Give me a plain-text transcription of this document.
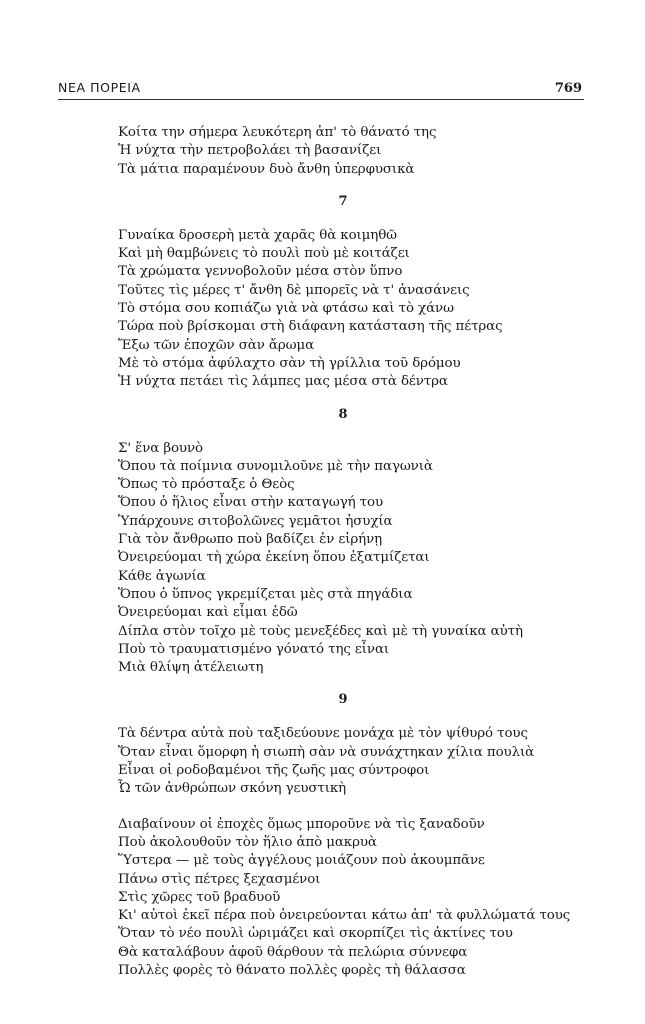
ΝΕΑ ΠΟΡΕΙΑ	769
Κοίτα την σήμερα λευκότερη ἀπ' τὸ θάνατό της
Ἡ νύχτα τὴν πετροβολάει τὴ βασανίζει
Τὰ μάτια παραμένουν δυὸ ἄνθη ὑπερφυσικὰ
7
Γυναίκα δροσερὴ μετὰ χαρᾶς θὰ κοιμηθῶ
Καὶ μὴ θαμβώνεις τὸ πουλὶ ποὺ μὲ κοιτάζει
Τὰ χρώματα γεννοβολοῦν μέσα στὸν ὕπνο
Τοῦτες τὶς μέρες τ' ἄνθη δὲ μπορεῖς νὰ τ' ἀνασάνεις
Τὸ στόμα σου κοπιάζω γιὰ νὰ φτάσω καὶ τὸ χάνω
Τώρα ποὺ βρίσκομαι στὴ διάφανη κατάσταση τῆς πέτρας
Ἔξω τῶν ἐποχῶν σὰν ἄρωμα
Μὲ τὸ στόμα ἀφύλαχτο σὰν τὴ γρίλλια τοῦ δρόμου
Ἡ νύχτα πετάει τὶς λάμπες μας μέσα στὰ δέντρα
8
Σ' ἕνα βουνὸ
Ὅπου τὰ ποίμνια συνομιλοῦνε μὲ τὴν παγωνιὰ
Ὅπως τὸ πρόσταξε ὁ Θεὸς
Ὅπου ὁ ἥλιος εἶναι στὴν καταγωγή του
Ὑπάρχουνε σιτοβολῶνες γεμᾶτοι ἡσυχία
Γιὰ τὸν ἄνθρωπο ποὺ βαδίζει ἐν εἰρήνῃ
Ὀνειρεύομαι τὴ χώρα ἐκείνη ὅπου ἐξατμίζεται
Κάθε ἀγωνία
Ὅπου ὁ ὕπνος γκρεμίζεται μὲς στὰ πηγάδια
Ὀνειρεύομαι καὶ εἶμαι ἐδῶ
Δίπλα στὸν τοῖχο μὲ τοὺς μενεξέδες καὶ μὲ τὴ γυναίκα αὐτὴ
Ποὺ τὸ τραυματισμένο γόνατό της εἶναι
Μιὰ θλίψη ἀτέλειωτη
9
Τὰ δέντρα αὐτὰ ποὺ ταξιδεύουνε μονάχα μὲ τὸν ψίθυρό τους
Ὅταν εἶναι ὅμορφη ἡ σιωπὴ σὰν νὰ συνάχτηκαν χίλια πουλιὰ
Εἶναι οἱ ροδοβαμένοι τῆς ζωῆς μας σύντροφοι
Ὦ τῶν ἀνθρώπων σκόνη γευστικὴ
Διαβαίνουν οἱ ἐποχὲς ὅμως μποροῦνε νὰ τὶς ξαναδοῦν
Ποὺ ἀκολουθοῦν τὸν ἥλιο ἀπὸ μακρυὰ
Ὕστερα — μὲ τοὺς ἀγγέλους μοιάζουν ποὺ ἀκουμπᾶνε
Πάνω στὶς πέτρες ξεχασμένοι
Στὶς χῶρες τοῦ βραδυοῦ
Κι' αὐτοὶ ἐκεῖ πέρα ποὺ ὀνειρεύονται κάτω ἀπ' τὰ φυλλώματά τους
Ὅταν τὸ νέο πουλὶ ὡριμάζει καὶ σκορπίζει τὶς ἀκτίνες του
Θὰ καταλάβουν ἀφοῦ θάρθουν τὰ πελώρια σύννεφα
Πολλὲς φορὲς τὸ θάνατο πολλὲς φορὲς τὴ θάλασσα
